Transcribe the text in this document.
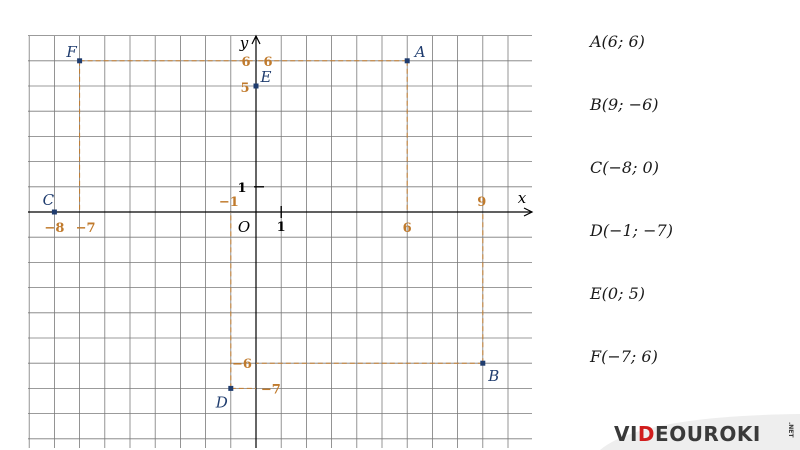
x
y
O 1
1
6
6
5
−1
−8 −7	6
9
−6
−7
A
B
C
D
E
F
A(6; 6)
B(9; −6)
C(−8; 0)
D(−1; −7)
E(0; 5)
F(−7; 6)
VIDEOUROKI	.NET
